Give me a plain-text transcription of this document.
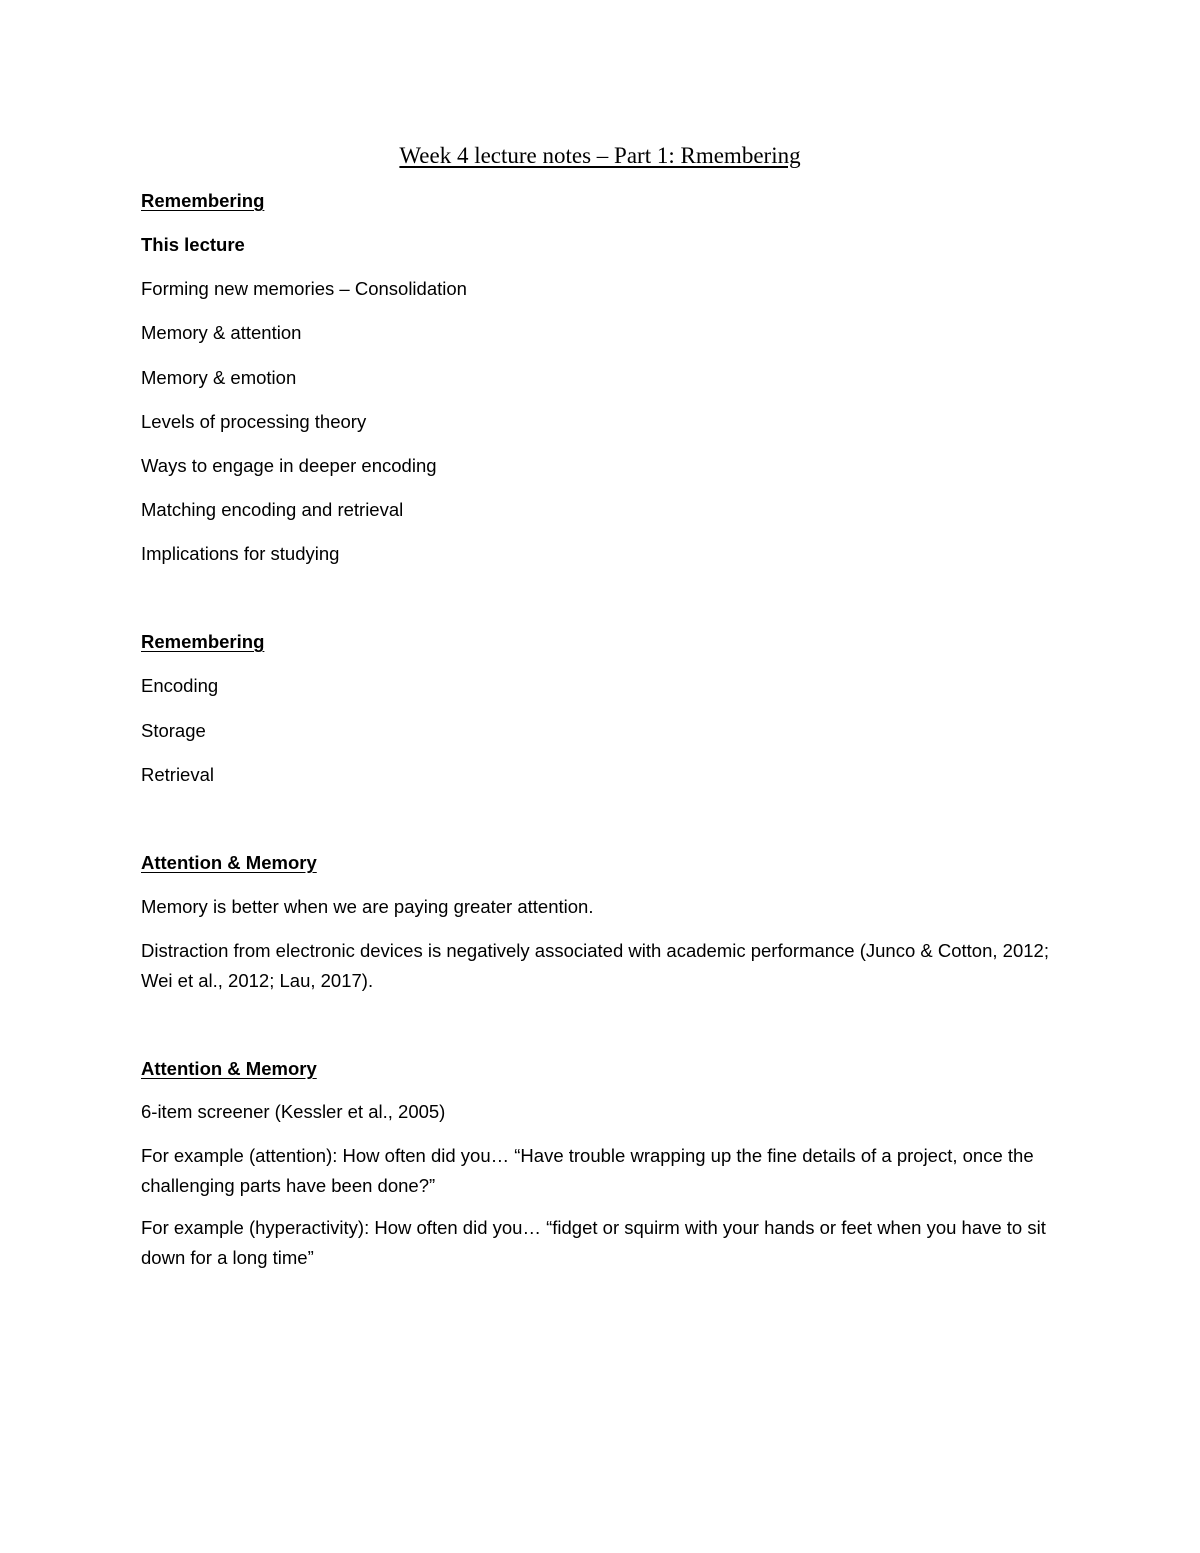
Week 4 lecture notes – Part 1: Rmembering
Remembering
This lecture
Forming new memories – Consolidation
Memory & attention
Memory & emotion
Levels of processing theory
Ways to engage in deeper encoding
Matching encoding and retrieval
Implications for studying
Remembering
Encoding
Storage
Retrieval
Attention & Memory
Memory is better when we are paying greater attention.
Distraction from electronic devices is negatively associated with academic performance (Junco & Cotton, 2012; Wei et al., 2012; Lau, 2017).
Attention & Memory
6-item screener (Kessler et al., 2005)
For example (attention): How often did you… “Have trouble wrapping up the fine details of a project, once the challenging parts have been done?”
For example (hyperactivity): How often did you… “fidget or squirm with your hands or feet when you have to sit down for a long time”
